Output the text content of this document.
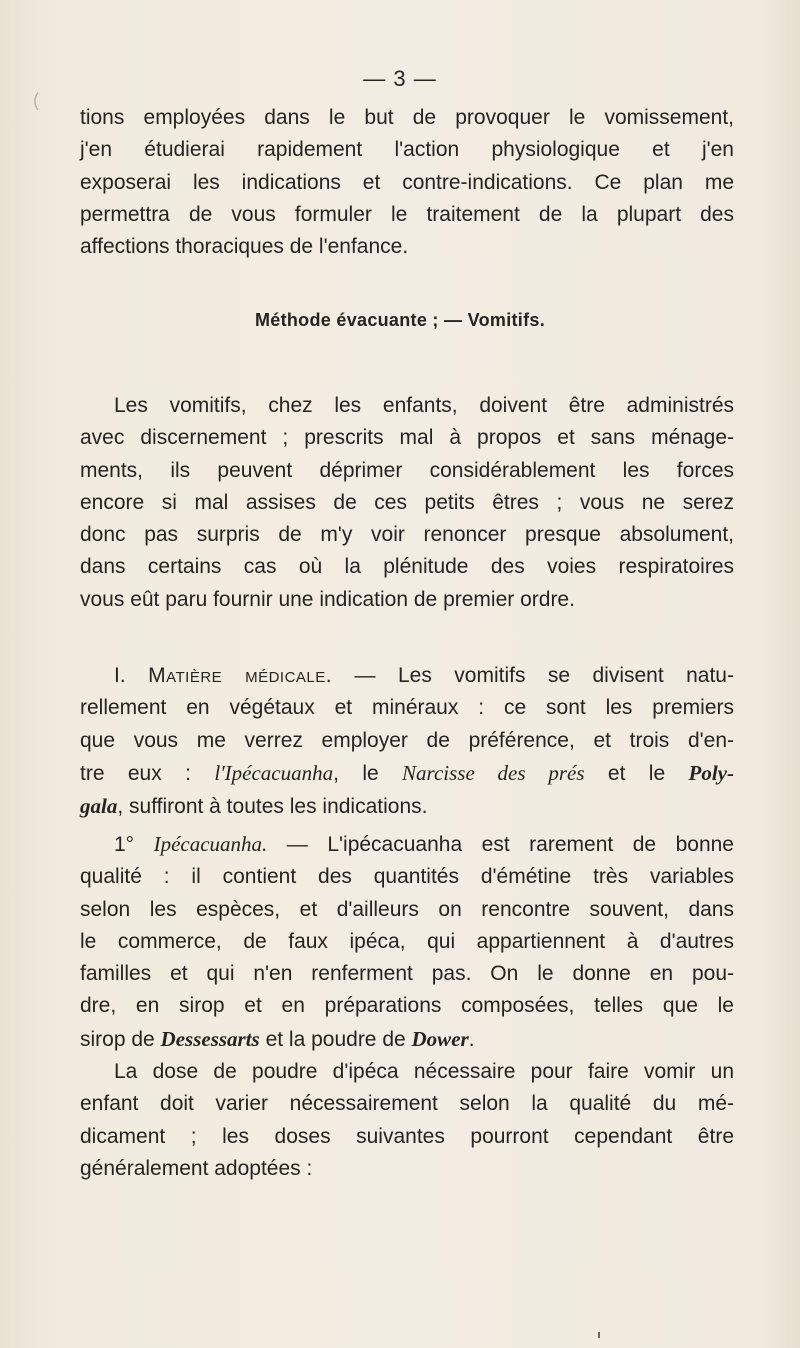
(
— 3 —
tions employées dans le but de provoquer le vomissement,
j'en étudierai rapidement l'action physiologique et j'en
exposerai les indications et contre-indications. Ce plan me
permettra de vous formuler le traitement de la plupart des
affections thoraciques de l'enfance.
Méthode évacuante ; — Vomitifs.
Les vomitifs, chez les enfants, doivent être administrés
avec discernement ; prescrits mal à propos et sans ménage-
ments, ils peuvent déprimer considérablement les forces
encore si mal assises de ces petits êtres ; vous ne serez
donc pas surpris de m'y voir renoncer presque absolument,
dans certains cas où la plénitude des voies respiratoires
vous eût paru fournir une indication de premier ordre.
I. Matière médicale. — Les vomitifs se divisent natu-
rellement en végétaux et minéraux : ce sont les premiers
que vous me verrez employer de préférence, et trois d'en-
tre eux : l'Ipécacuanha, le Narcisse des prés et le Poly-
gala, suffiront à toutes les indications.
1° Ipécacuanha. — L'ipécacuanha est rarement de bonne
qualité : il contient des quantités d'émétine très variables
selon les espèces, et d'ailleurs on rencontre souvent, dans
le commerce, de faux ipéca, qui appartiennent à d'autres
familles et qui n'en renferment pas. On le donne en pou-
dre, en sirop et en préparations composées, telles que le
sirop de Dessessarts et la poudre de Dower.
La dose de poudre d'ipéca nécessaire pour faire vomir un
enfant doit varier nécessairement selon la qualité du mé-
dicament ; les doses suivantes pourront cependant être
généralement adoptées :
